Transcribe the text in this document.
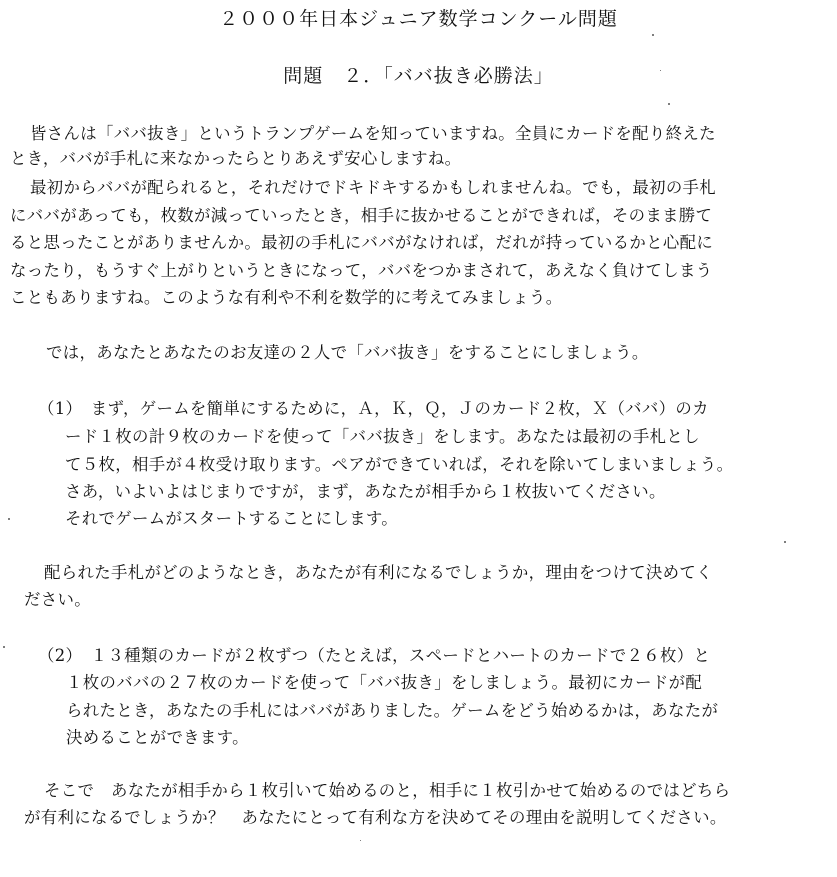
２０００年日本ジュニア数学コンクール問題
問題　２．「ババ抜き必勝法」
皆さんは「ババ抜き」というトランプゲームを知っていますね。全員にカードを配り終えた
とき，ババが手札に来なかったらとりあえず安心しますね。
最初からババが配られると，それだけでドキドキするかもしれませんね。でも，最初の手札
にババがあっても，枚数が減っていったとき，相手に抜かせることができれば，そのまま勝て
ると思ったことがありませんか。最初の手札にババがなければ，だれが持っているかと心配に
なったり，もうすぐ上がりというときになって，ババをつかまされて，あえなく負けてしまう
こともありますね。このような有利や不利を数学的に考えてみましょう。
では，あなたとあなたのお友達の２人で「ババ抜き」をすることにしましょう。
（1）　まず，ゲームを簡単にするために，Ａ，Ｋ，Ｑ，Ｊのカード２枚，Ｘ（ババ）のカ
ード１枚の計９枚のカードを使って「ババ抜き」をします。あなたは最初の手札とし
て５枚，相手が４枚受け取ります。ペアができていれば，それを除いてしまいましょう。
さあ，いよいよはじまりですが，まず，あなたが相手から１枚抜いてください。
それでゲームがスタートすることにします。
配られた手札がどのようなとき，あなたが有利になるでしょうか，理由をつけて決めてく
ださい。
（2）　１３種類のカードが２枚ずつ（たとえば，スペードとハートのカードで２６枚）と
１枚のババの２７枚のカードを使って「ババ抜き」をしましょう。最初にカードが配
られたとき，あなたの手札にはババがありました。ゲームをどう始めるかは，あなたが
決めることができます。
そこで　あなたが相手から１枚引いて始めるのと，相手に１枚引かせて始めるのではどちら
が有利になるでしょうか？　あなたにとって有利な方を決めてその理由を説明してください。
